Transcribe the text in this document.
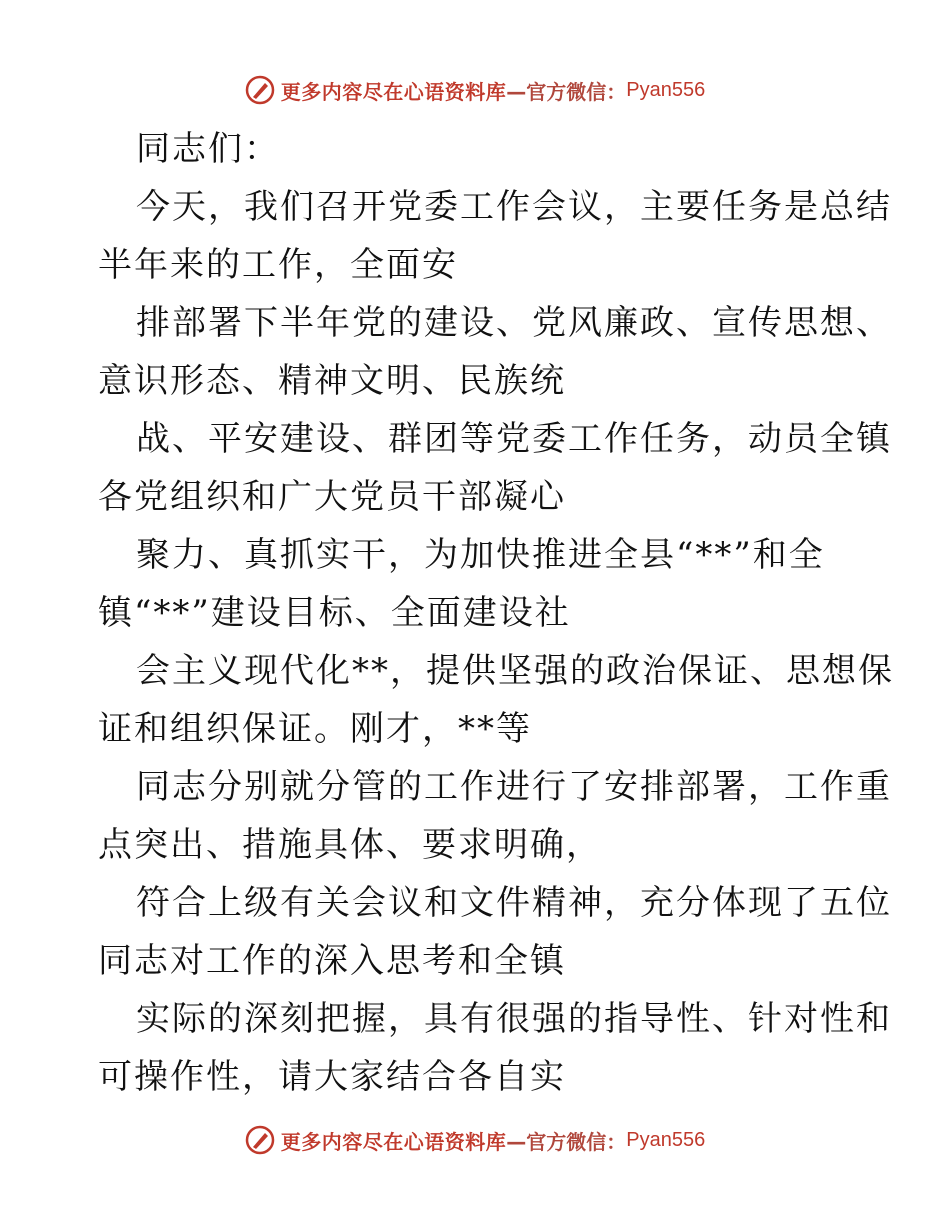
更多内容尽在心语资料库 —官方微信： Pyan556
同志们：
今天，我们召开党委工作会议，主要任务是总结
半年来的工作，全面安
排部署下半年党的建设、党风廉政、宣传思想、
意识形态、精神文明、民族统
战、平安建设、群团等党委工作任务，动员全镇
各党组织和广大党员干部凝心
聚力、真抓实干，为加快推进全县“**”和全
镇“**”建设目标、全面建设社
会主义现代化**，提供坚强的政治保证、思想保
证和组织保证。刚才，**等
同志分别就分管的工作进行了安排部署，工作重
点突出、措施具体、要求明确，
符合上级有关会议和文件精神，充分体现了五位
同志对工作的深入思考和全镇
实际的深刻把握，具有很强的指导性、针对性和
可操作性，请大家结合各自实
更多内容尽在心语资料库 —官方微信： Pyan556
